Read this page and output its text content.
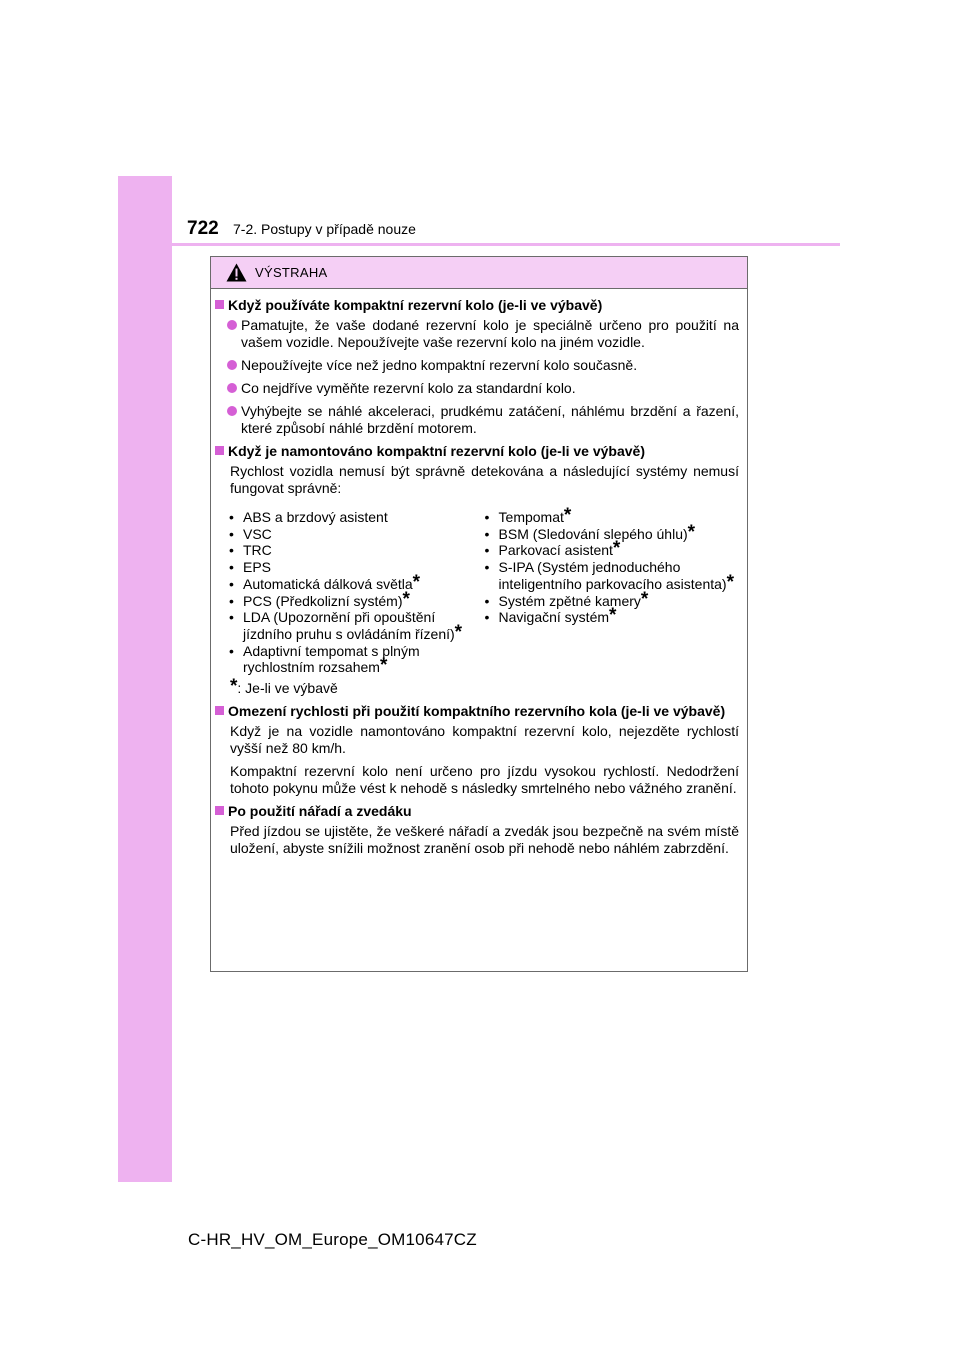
722 7-2. Postupy v případě nouze
VÝSTRAHA
Když používáte kompaktní rezervní kolo (je-li ve výbavě)
Pamatujte, že vaše dodané rezervní kolo je speciálně určeno pro použití na vašem vozidle. Nepoužívejte vaše rezervní kolo na jiném vozidle.
Nepoužívejte více než jedno kompaktní rezervní kolo současně.
Co nejdříve vyměňte rezervní kolo za standardní kolo.
Vyhýbejte se náhlé akceleraci, prudkému zatáčení, náhlému brzdění a řazení, které způsobí náhlé brzdění motorem.
Když je namontováno kompaktní rezervní kolo (je-li ve výbavě)
Rychlost vozidla nemusí být správně detekována a následující systémy nemusí fungovat správně:
• ABS a brzdový asistent
• VSC
• TRC
• EPS
• Automatická dálková světla*
• PCS (Předkolizní systém)*
• LDA (Upozornění při opouštění jízdního pruhu s ovládáním řízení)*
• Adaptivní tempomat s plným rychlostním rozsahem*
• Tempomat*
• BSM (Sledování slepého úhlu)*
• Parkovací asistent*
• S-IPA (Systém jednoduchého inteligentního parkovacího asistenta)*
• Systém zpětné kamery*
• Navigační systém*
*: Je-li ve výbavě
Omezení rychlosti při použití kompaktního rezervního kola (je-li ve výbavě)
Když je na vozidle namontováno kompaktní rezervní kolo, nejezděte rychlostí vyšší než 80 km/h.
Kompaktní rezervní kolo není určeno pro jízdu vysokou rychlostí. Nedodržení tohoto pokynu může vést k nehodě s následky smrtelného nebo vážného zranění.
Po použití nářadí a zvedáku
Před jízdou se ujistěte, že veškeré nářadí a zvedák jsou bezpečně na svém místě uložení, abyste snížili možnost zranění osob při nehodě nebo náhlém zabrzdění.
C-HR_HV_OM_Europe_OM10647CZ
